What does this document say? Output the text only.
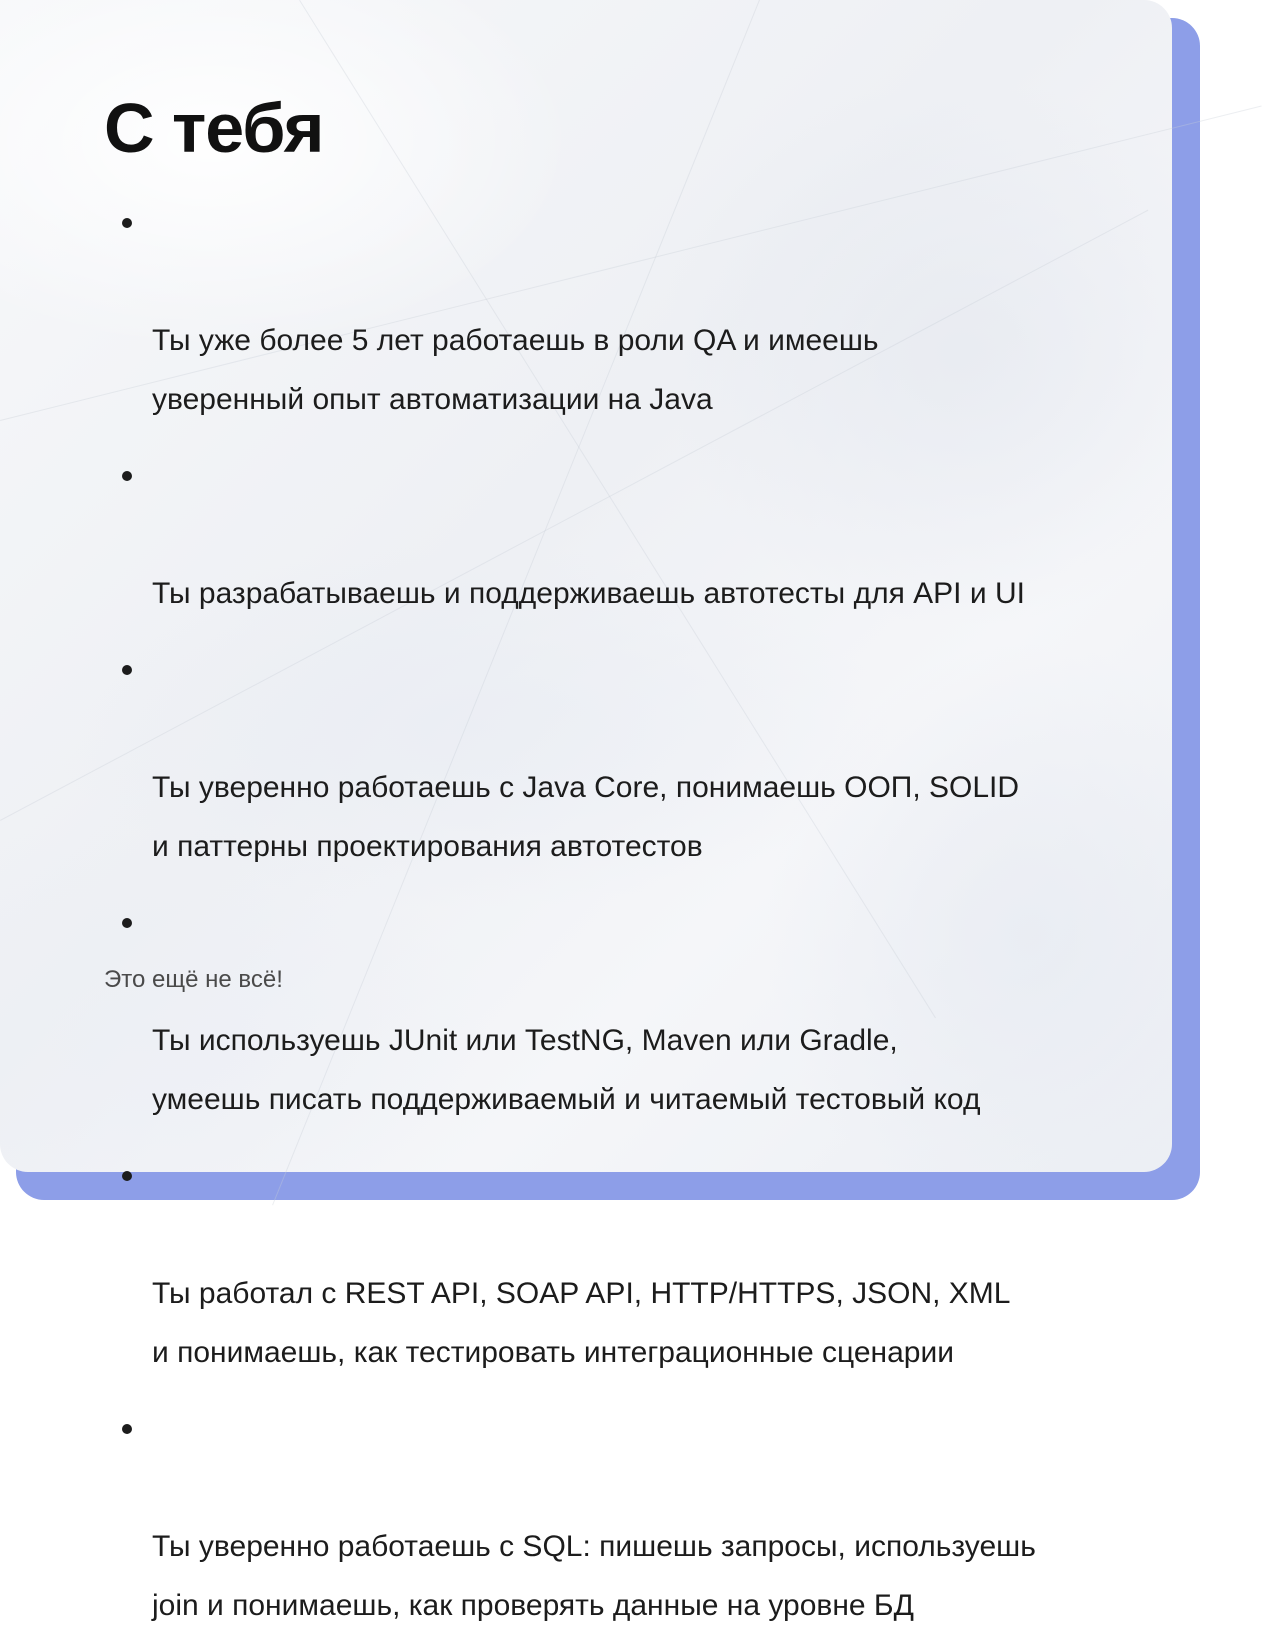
С тебя

Ты уже более 5 лет работаешь в роли QA и имеешь
уверенный опыт автоматизации на Java

Ты разрабатываешь и поддерживаешь автотесты для API и UI

Ты уверенно работаешь с Java Core, понимаешь ООП, SOLID
и паттерны проектирования автотестов

Ты используешь JUnit или TestNG, Maven или Gradle,
умеешь писать поддерживаемый и читаемый тестовый код

Ты работал с REST API, SOAP API, HTTP/HTTPS, JSON, XML
и понимаешь, как тестировать интеграционные сценарии

Ты уверенно работаешь с SQL: пишешь запросы, используешь
join и понимаешь, как проверять данные на уровне БД

Это ещё не всё!
